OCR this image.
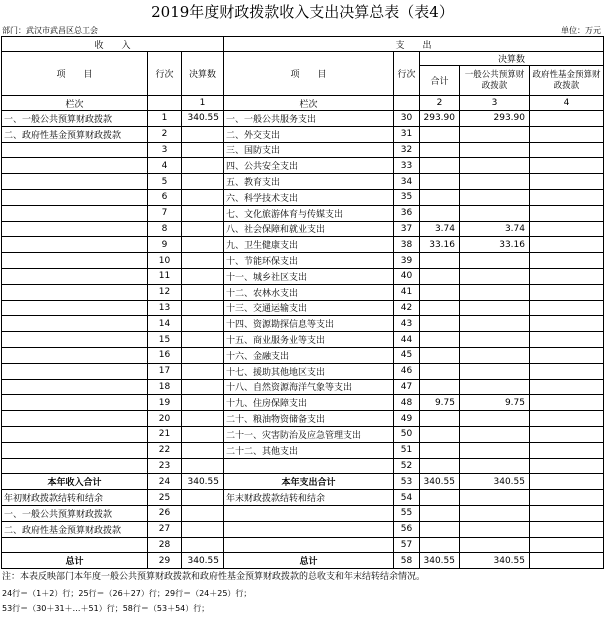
2019年度财政拨款收入支出决算总表（表4）
部门：武汉市武昌区总工会	单位：万元
收　　入			支　　出				
项　　目	行次	决算数	项　　目	行次	决算数		
					合计	一般公共预算财政拨款	政府性基金预算财政拨款
栏次		1	栏次		2	3	4
一、一般公共预算财政拨款	1	340.55	一、一般公共服务支出	30	293.90	293.90	
二、政府性基金预算财政拨款	2		二、外交支出	31			
	3		三、国防支出	32			
	4		四、公共安全支出	33			
	5		五、教育支出	34			
	6		六、科学技术支出	35			
	7		七、文化旅游体育与传媒支出	36			
	8		八、社会保障和就业支出	37	3.74	3.74	
	9		九、卫生健康支出	38	33.16	33.16	
	10		十、节能环保支出	39			
	11		十一、城乡社区支出	40			
	12		十二、农林水支出	41			
	13		十三、交通运输支出	42			
	14		十四、资源勘探信息等支出	43			
	15		十五、商业服务业等支出	44			
	16		十六、金融支出	45			
	17		十七、援助其他地区支出	46			
	18		十八、自然资源海洋气象等支出	47			
	19		十九、住房保障支出	48	9.75	9.75	
	20		二十、粮油物资储备支出	49			
	21		二十一、灾害防治及应急管理支出	50			
	22		二十二、其他支出	51			
	23			52			
本年收入合计	24	340.55	本年支出合计	53	340.55	340.55	
年初财政拨款结转和结余	25		年末财政拨款结转和结余	54			
一、一般公共预算财政拨款	26			55			
二、政府性基金预算财政拨款	27			56			
	28			57			
总计	29	340.55	总计	58	340.55	340.55	
注：本表反映部门本年度一般公共预算财政拨款和政府性基金预算财政拨款的总收支和年末结转结余情况。
24行＝（1＋2）行；25行＝（26＋27）行；29行＝（24＋25）行；
53行＝（30＋31＋…＋51）行；58行＝（53＋54）行；
